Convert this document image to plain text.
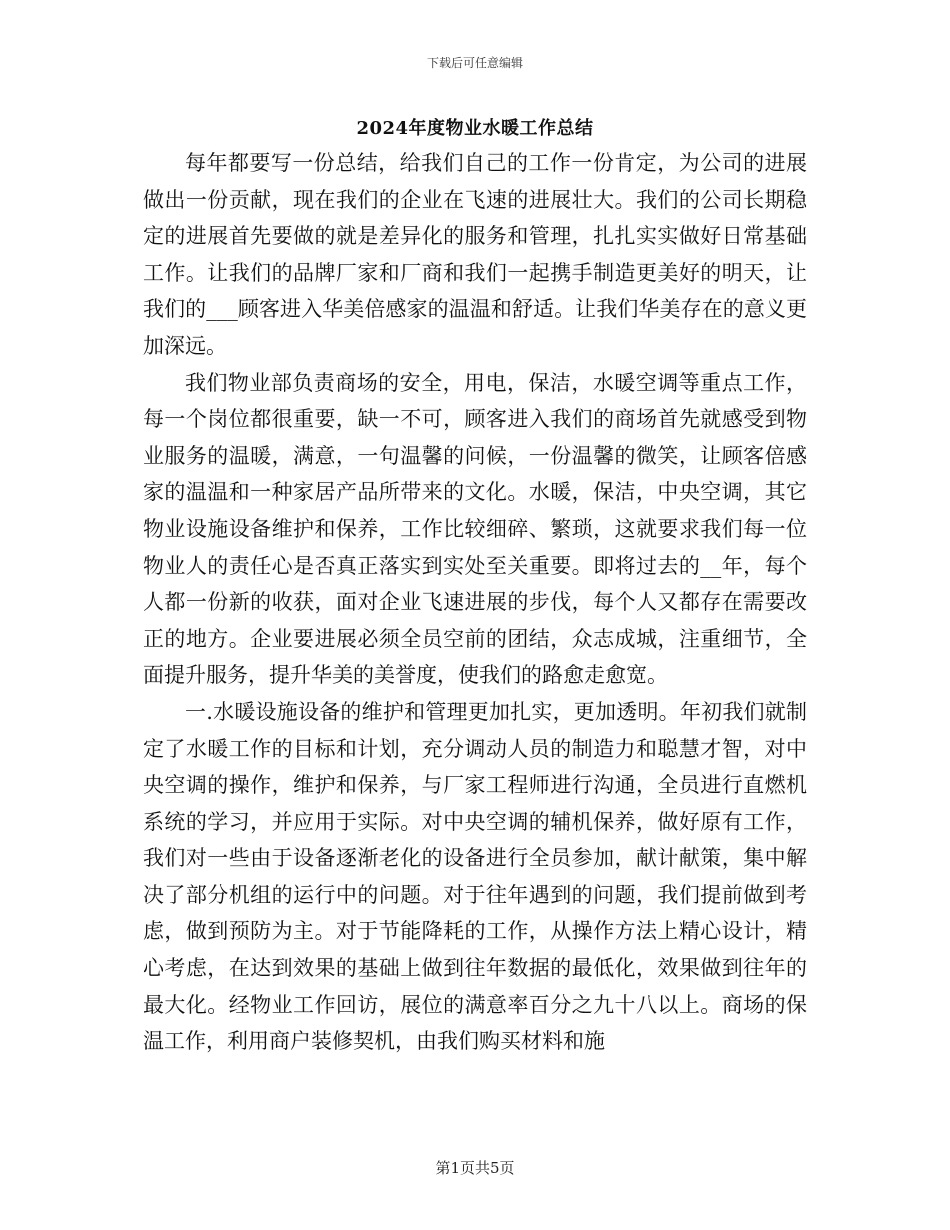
下载后可任意编辑
2024年度物业水暖工作总结

每年都要写一份总结，给我们自己的工作一份肯定，为公司的进展做出一份贡献，现在我们的企业在飞速的进展壮大。我们的公司长期稳定的进展首先要做的就是差异化的服务和管理，扎扎实实做好日常基础工作。让我们的品牌厂家和厂商和我们一起携手制造更美好的明天，让我们的___顾客进入华美倍感家的温温和舒适。让我们华美存在的意义更加深远。

我们物业部负责商场的安全，用电，保洁，水暖空调等重点工作，每一个岗位都很重要，缺一不可，顾客进入我们的商场首先就感受到物业服务的温暖，满意，一句温馨的问候，一份温馨的微笑，让顾客倍感家的温温和一种家居产品所带来的文化。水暖，保洁，中央空调，其它物业设施设备维护和保养，工作比较细碎、繁琐，这就要求我们每一位物业人的责任心是否真正落实到实处至关重要。即将过去的__年，每个人都一份新的收获，面对企业飞速进展的步伐，每个人又都存在需要改正的地方。企业要进展必须全员空前的团结，众志成城，注重细节，全面提升服务，提升华美的美誉度，使我们的路愈走愈宽。

一.水暖设施设备的维护和管理更加扎实，更加透明。年初我们就制定了水暖工作的目标和计划，充分调动人员的制造力和聪慧才智，对中央空调的操作，维护和保养，与厂家工程师进行沟通，全员进行直燃机系统的学习，并应用于实际。对中央空调的辅机保养，做好原有工作，我们对一些由于设备逐渐老化的设备进行全员参加，献计献策，集中解决了部分机组的运行中的问题。对于往年遇到的问题，我们提前做到考虑，做到预防为主。对于节能降耗的工作，从操作方法上精心设计，精心考虑，在达到效果的基础上做到往年数据的最低化，效果做到往年的最大化。经物业工作回访，展位的满意率百分之九十八以上。商场的保温工作，利用商户装修契机，由我们购买材料和施

第1页共5页
